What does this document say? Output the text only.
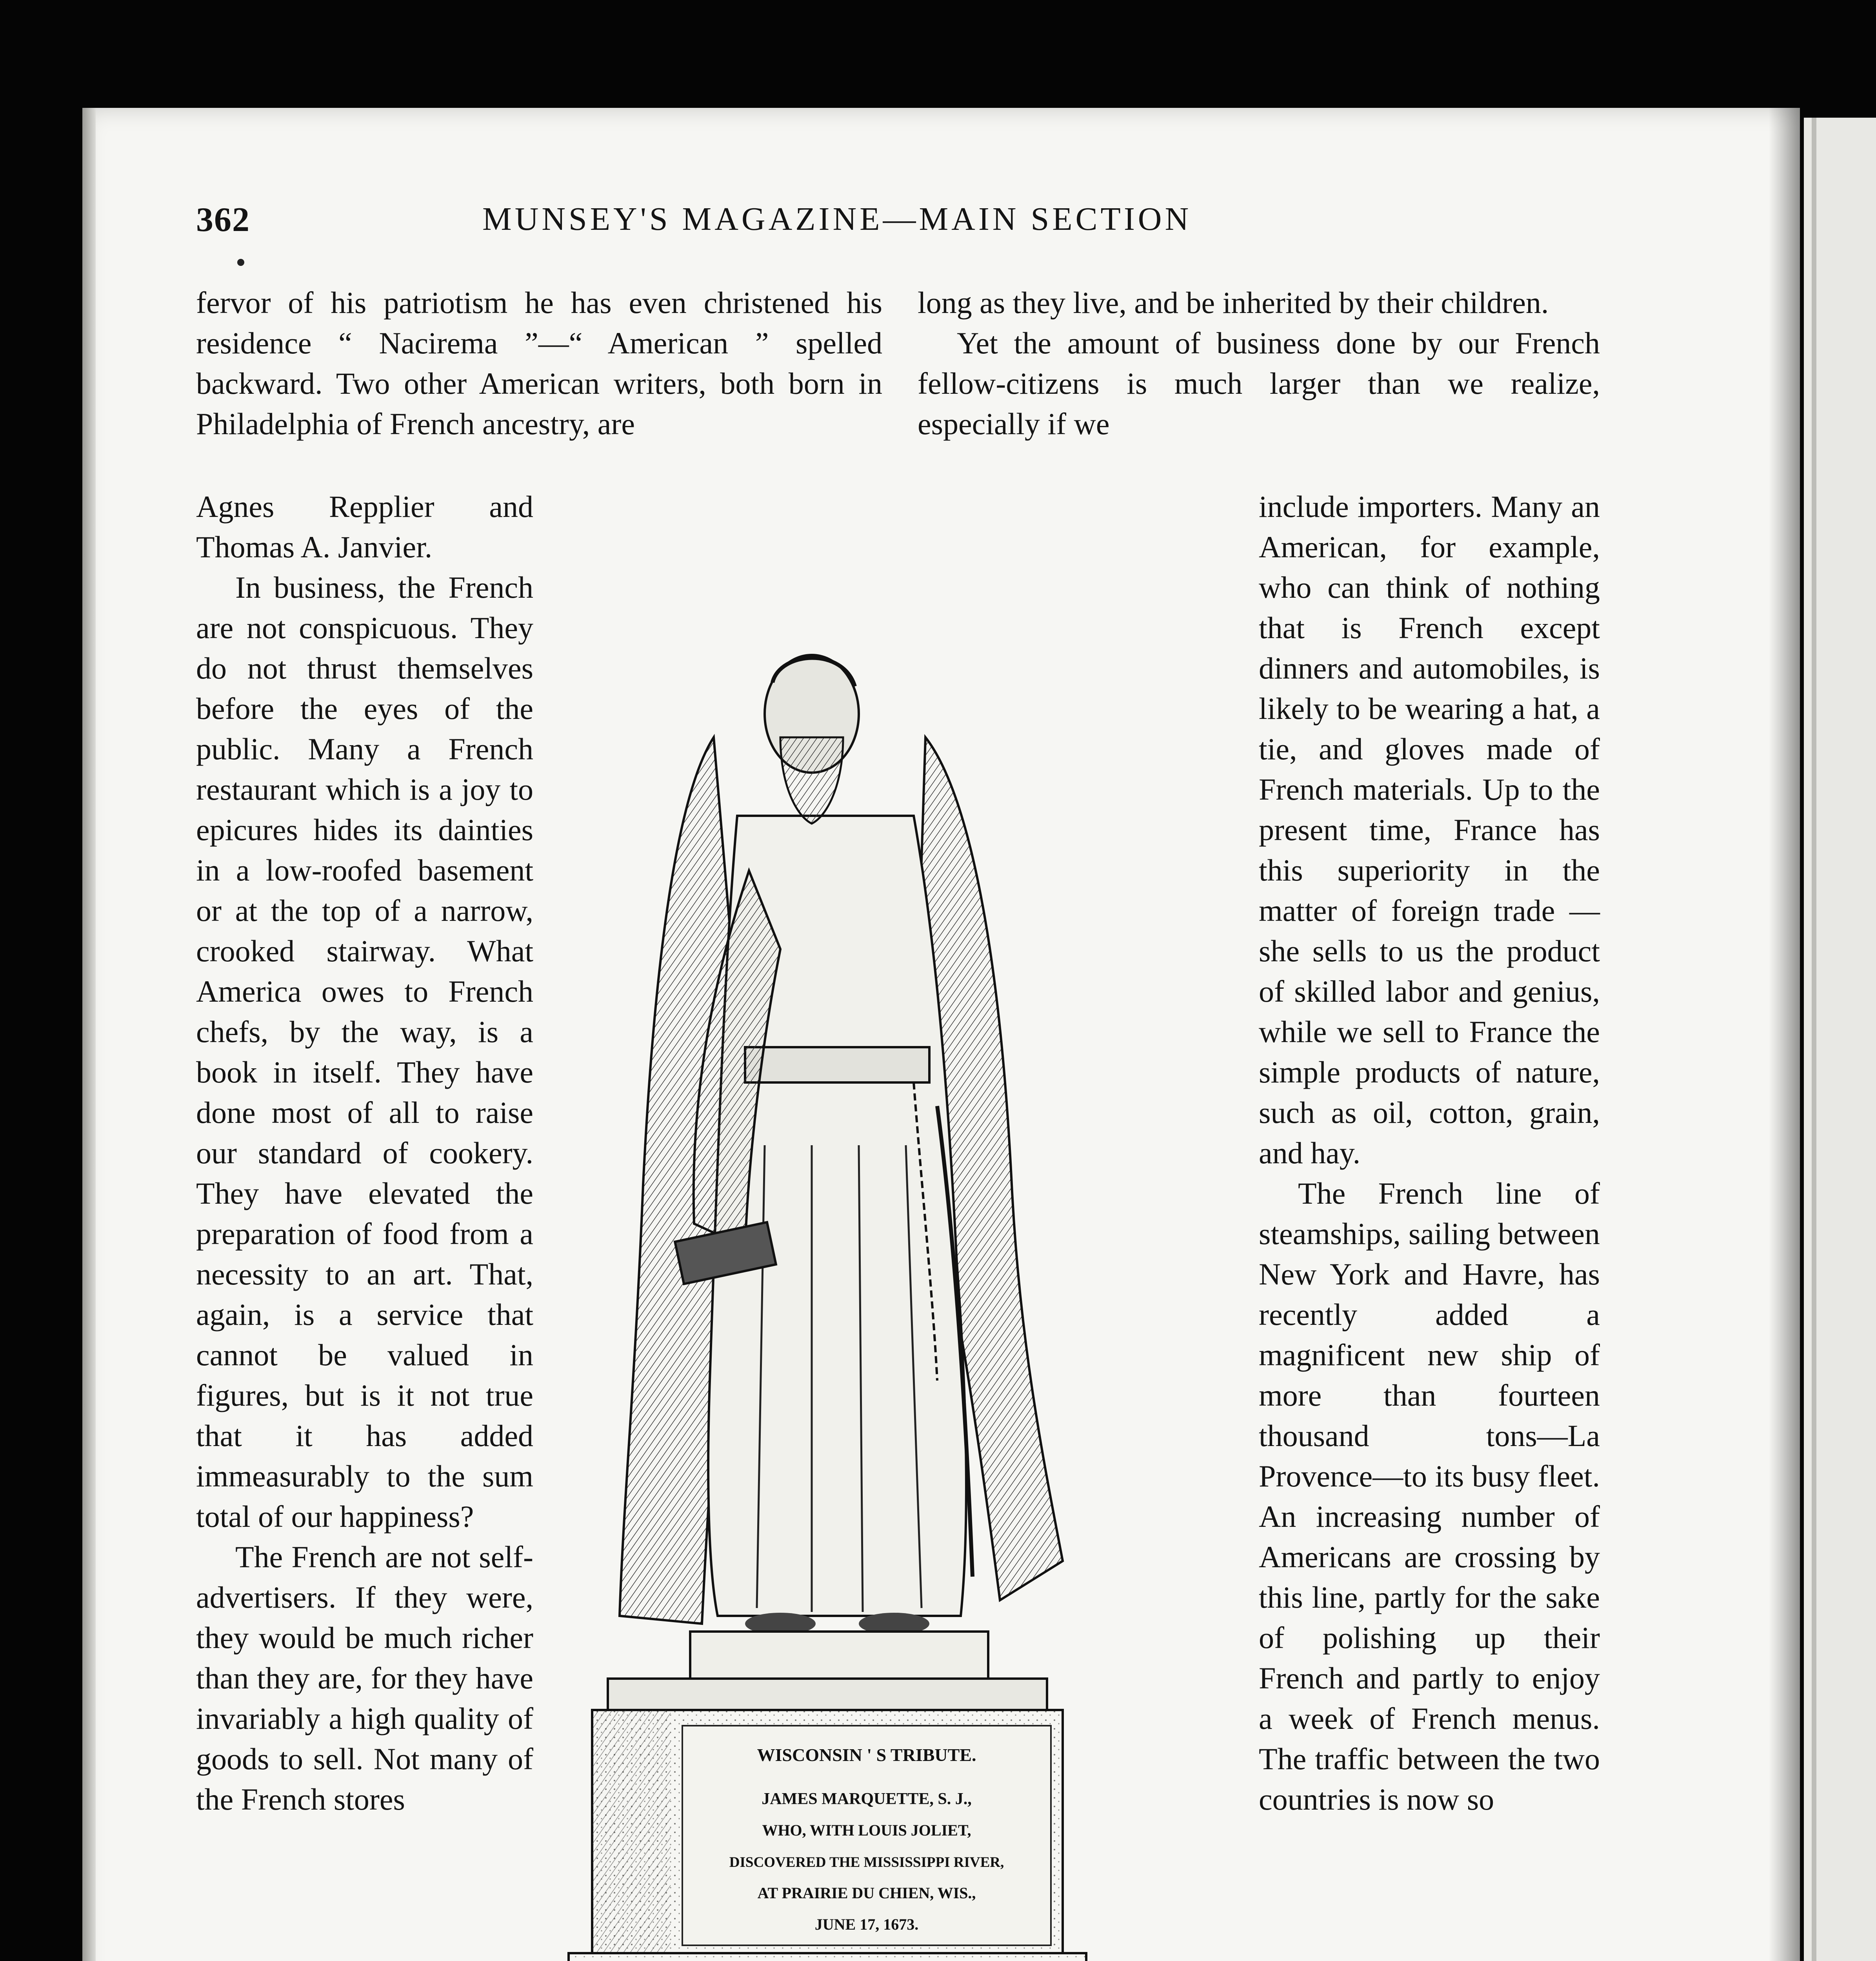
362	MUNSEY'S MAGAZINE—MAIN SECTION

fervor of his patriotism he has even christened his residence “ Nacirema ”—“ American ” spelled backward. Two other American writers, both born in Philadelphia of French ancestry, are

Agnes Repplier and Thomas A. Janvier.

In business, the French are not conspicuous. They do not thrust themselves before the eyes of the public. Many a French restaurant which is a joy to epicures hides its dainties in a low-roofed basement or at the top of a narrow, crooked stairway. What America owes to French chefs, by the way, is a book in itself. They have done most of all to raise our standard of cookery. They have elevated the preparation of food from a necessity to an art. That, again, is a service that cannot be valued in figures, but is it not true that it has added immeasurably to the sum total of our happiness?

The French are not self-advertisers. If they were, they would be much richer than they are, for they have invariably a high quality of goods to sell. Not many of the French stores

long as they live, and be inherited by their children.

Yet the amount of business done by our French fellow-citizens is much larger than we realize, especially if we

include importers. Many an American, for example, who can think of nothing that is French except dinners and automobiles, is likely to be wearing a hat, a tie, and gloves made of French materials. Up to the present time, France has this superiority in the matter of foreign trade — she sells to us the product of skilled labor and genius, while we sell to France the simple products of nature, such as oil, cotton, grain, and hay.

The French line of steamships, sailing between New York and Havre, has recently added a magnificent new ship of more than fourteen thousand tons—La Provence—to its busy fleet. An increasing number of Americans are crossing by this line, partly for the sake of polishing up their French and partly to enjoy a week of French menus. The traffic between the two countries is now so

WISCONSIN ' S TRIBUTE.
JAMES MARQUETTE, S. J.,
WHO, WITH LOUIS JOLIET,
DISCOVERED THE MISSISSIPPI RIVER,
AT PRAIRIE DU CHIEN, WIS.,
JUNE 17, 1673.
